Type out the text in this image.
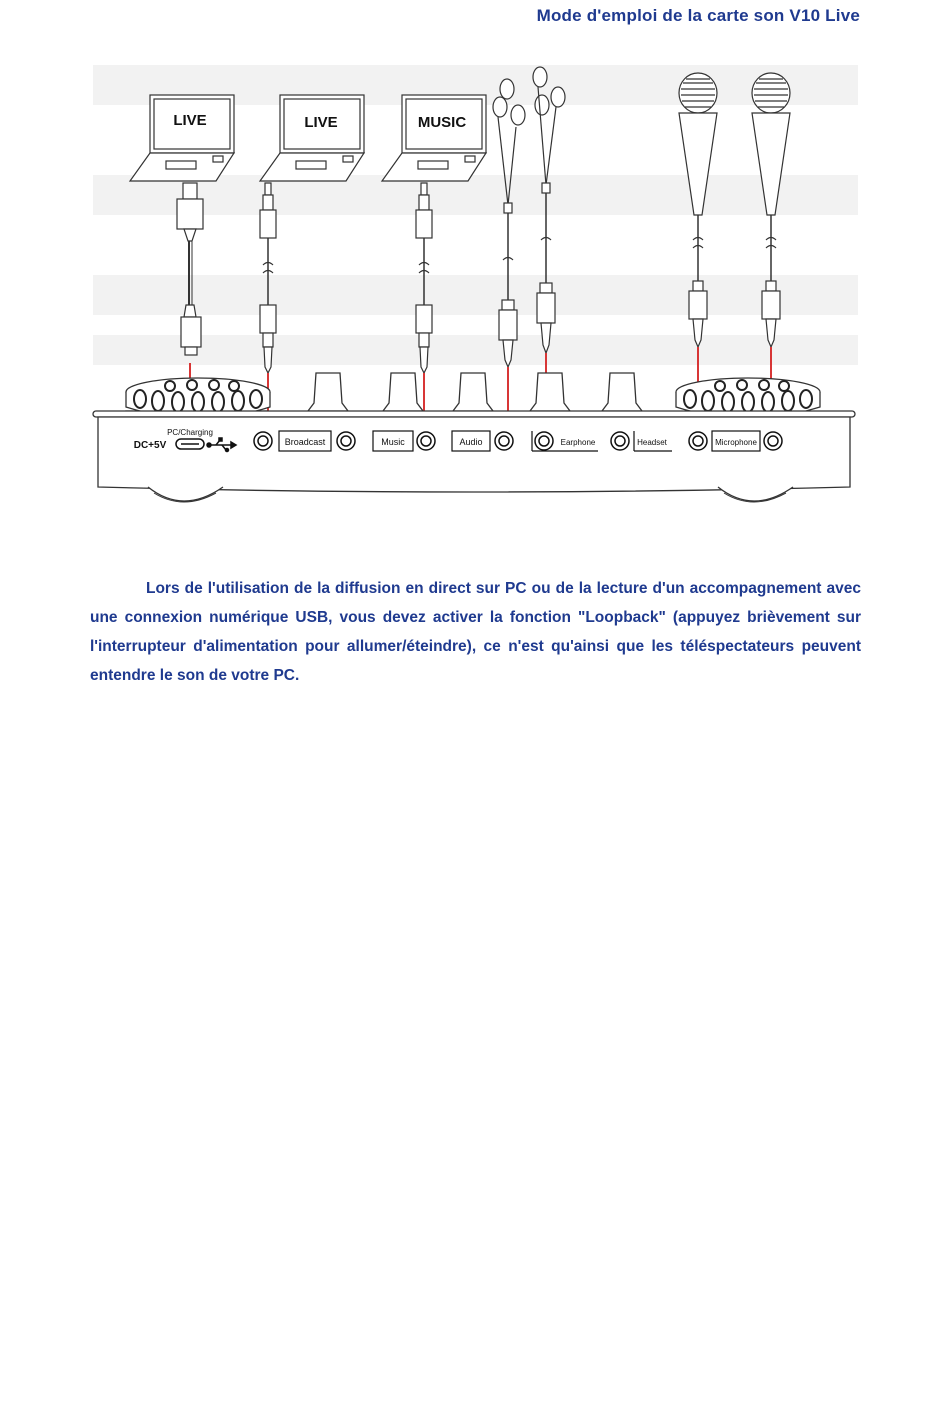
Mode d'emploi de la carte son V10 Live
LIVE	LIVE	MUSIC
PC/Charging
DC+5V	Broadcast	Music	Audio	Earphone	Headset	Microphone

Lors de l'utilisation de la diffusion en direct sur PC ou de la lecture d'un accompagnement avec une connexion numérique USB, vous devez activer la fonction "Loopback" (appuyez brièvement sur l'interrupteur d'alimentation pour allumer/éteindre), ce n'est qu'ainsi que les téléspectateurs peuvent entendre le son de votre PC.
